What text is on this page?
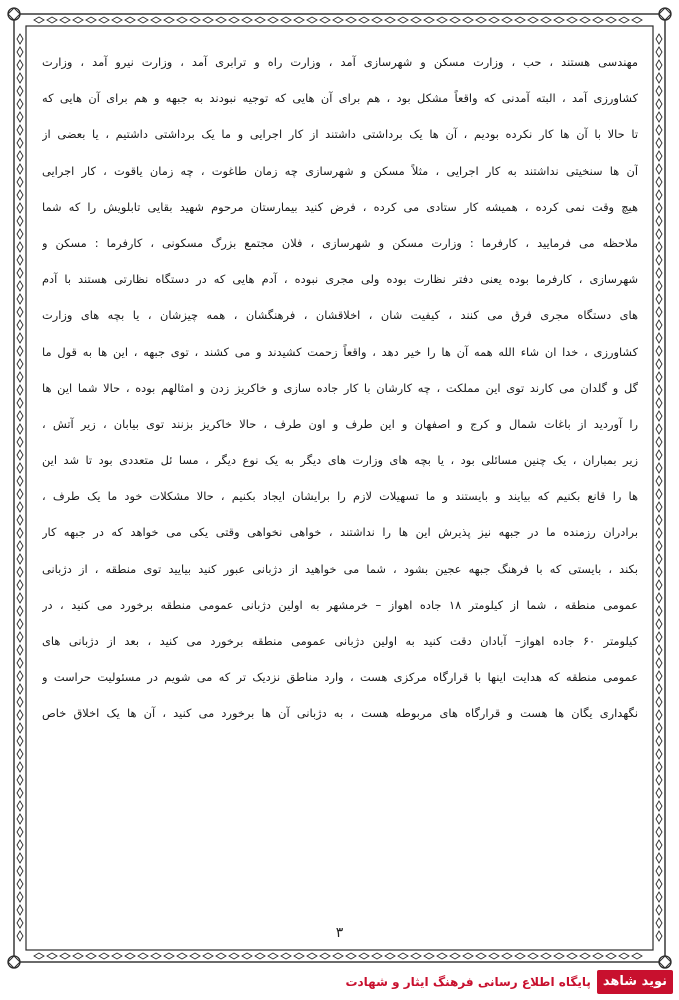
مهندسی هستند ، حب ، وزارت مسکن و شهرسازی آمد ، وزارت راه و ترابری آمد ، وزارت نیرو آمد ، وزارت
کشاورزی آمد ، البته آمدنی که واقعاً مشکل بود ، هم برای آن هایی که توجیه نبودند به جبهه و هم برای آن هایی که
تا حالا با آن ها کار نکرده بودیم ، آن ها یک برداشتی داشتند از کار اجرایی و ما یک برداشتی داشتیم ، یا بعضی از
آن ها سنخیتی نداشتند به کار اجرایی ، مثلاً مسکن و شهرسازی چه زمان طاغوت ، چه زمان یاقوت ، کار اجرایی
هیچ وقت نمی کرده ، همیشه کار ستادی می کرده ، فرض کنید بیمارستان مرحوم شهید بقایی تابلویش را که شما
ملاحظه می فرمایید ، کارفرما : وزارت مسکن و شهرسازی ، فلان مجتمع بزرگ مسکونی ، کارفرما : مسکن و
شهرسازی ، کارفرما بوده یعنی دفتر نظارت بوده ولی مجری نبوده ، آدم هایی که در دستگاه نظارتی هستند با آدم
های دستگاه مجری فرق می کنند ، کیفیت شان ، اخلاقشان ، فرهنگشان ، همه چیزشان ، یا بچه های وزارت
کشاورزی ، خدا ان شاء الله همه آن ها را خیر دهد ، واقعاً زحمت کشیدند و می کشند ، توی جبهه ، این ها به قول ما
گل و گلدان می کارند توی این مملکت ، چه کارشان با کار جاده سازی و خاکریز زدن و امثالهم بوده ، حالا شما این ها
را آوردید از باغات شمال و کرج و اصفهان و این طرف و اون طرف ، حالا خاکریز بزنند توی بیابان ، زیر آتش ،
زیر بمباران ، یک چنین مسائلی بود ، یا بچه های وزارت های دیگر به یک نوع دیگر ، مسا ئل متعددی بود تا شد این
ها را قانع بکنیم که بیایند و بایستند و ما تسهیلات لازم را برایشان ایجاد بکنیم ، حالا مشکلات خود ما یک طرف ،
برادران رزمنده ما در جبهه نیز پذیرش این ها را نداشتند ، خواهی نخواهی وقتی یکی می خواهد که در جبهه کار
بکند ، بایستی که با فرهنگ جبهه عجین بشود ، شما می خواهید از دژبانی عبور کنید بیایید توی منطقه ، از دژبانی
عمومی منطقه ، شما از کیلومتر ۱۸ جاده اهواز – خرمشهر به اولین دژبانی عمومی منطقه برخورد می کنید ، در
کیلومتر ۶۰ جاده اهواز– آبادان دقت کنید به اولین دژبانی عمومی منطقه برخورد می کنید ، بعد از دژبانی های
عمومی منطقه که هدایت اینها با قرارگاه مرکزی هست ، وارد مناطق نزدیک تر که می شویم در مسئولیت حراست و
نگهداری یگان ها هست و قرارگاه های مربوطه هست ، به دژبانی آن ها برخورد می کنید ، آن ها یک اخلاق خاص
۳
نوید شاهد
پایگاه اطلاع رسانی فرهنگ ایثار و شهادت
